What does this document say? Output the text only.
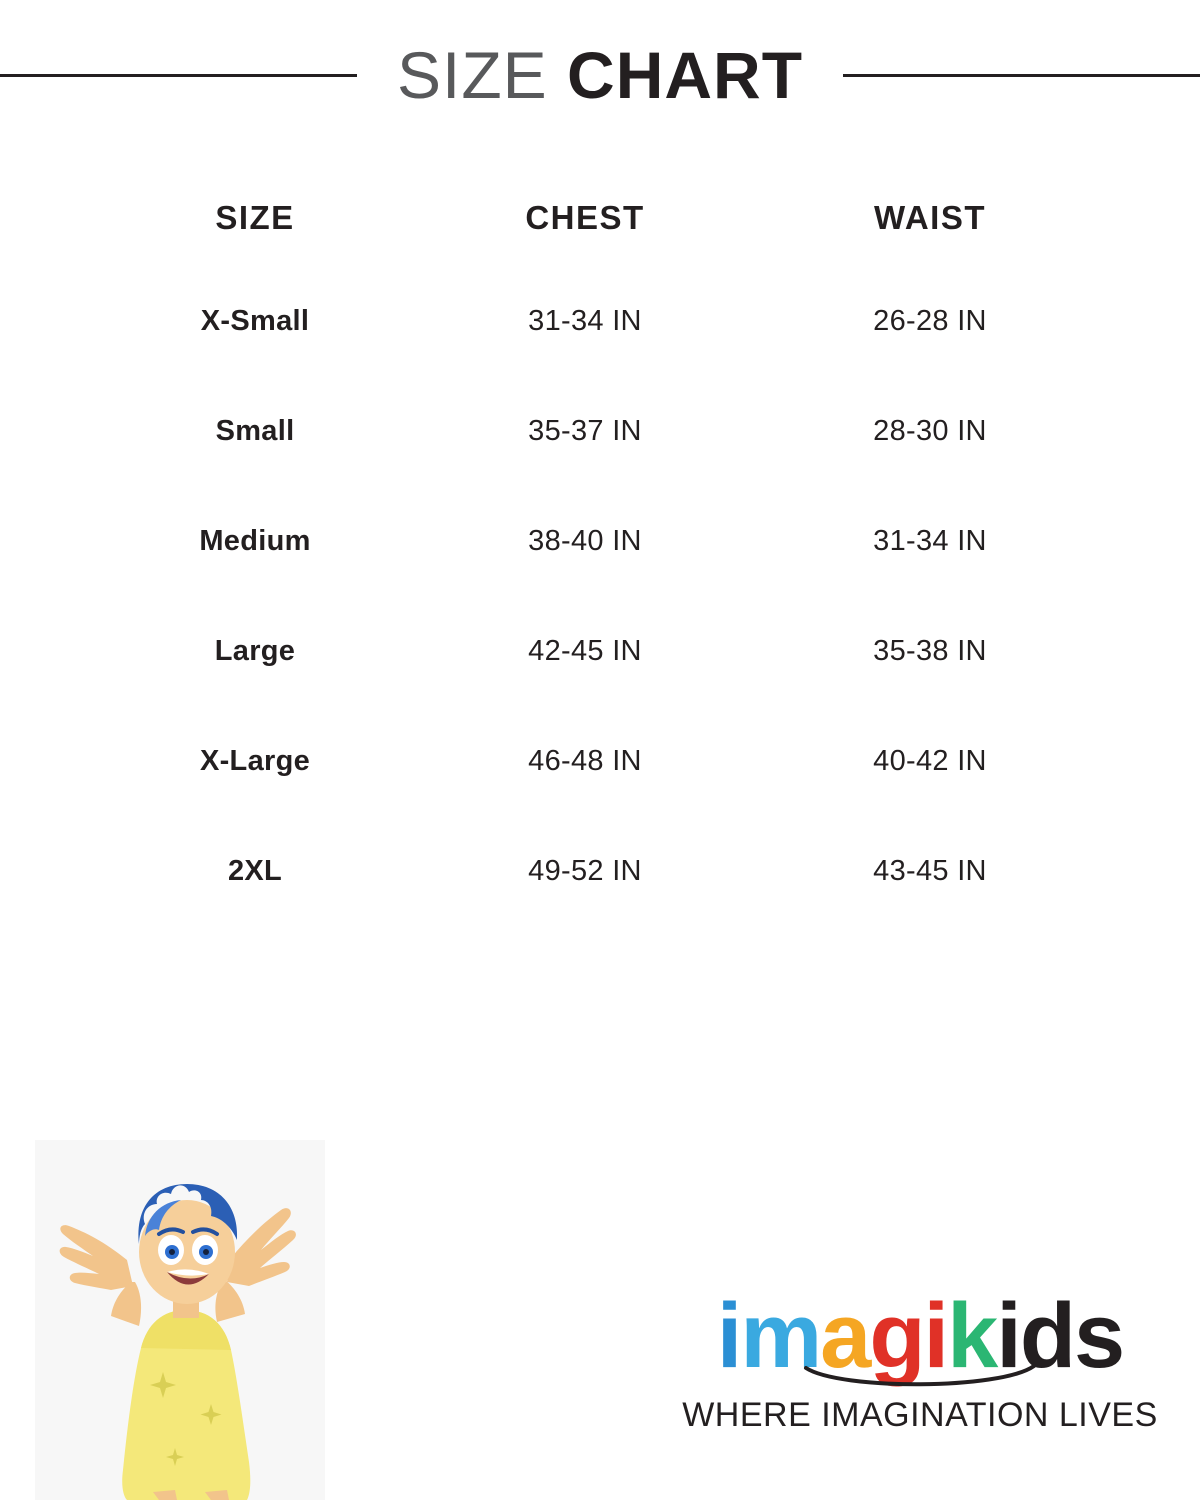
SIZE CHART
SIZE	CHEST	WAIST
X-Small	31-34 IN	26-28 IN
Small	35-37 IN	28-30 IN
Medium	38-40 IN	31-34 IN
Large	42-45 IN	35-38 IN
X-Large	46-48 IN	40-42 IN
2XL	49-52 IN	43-45 IN
imagikids
WHERE IMAGINATION LIVES
